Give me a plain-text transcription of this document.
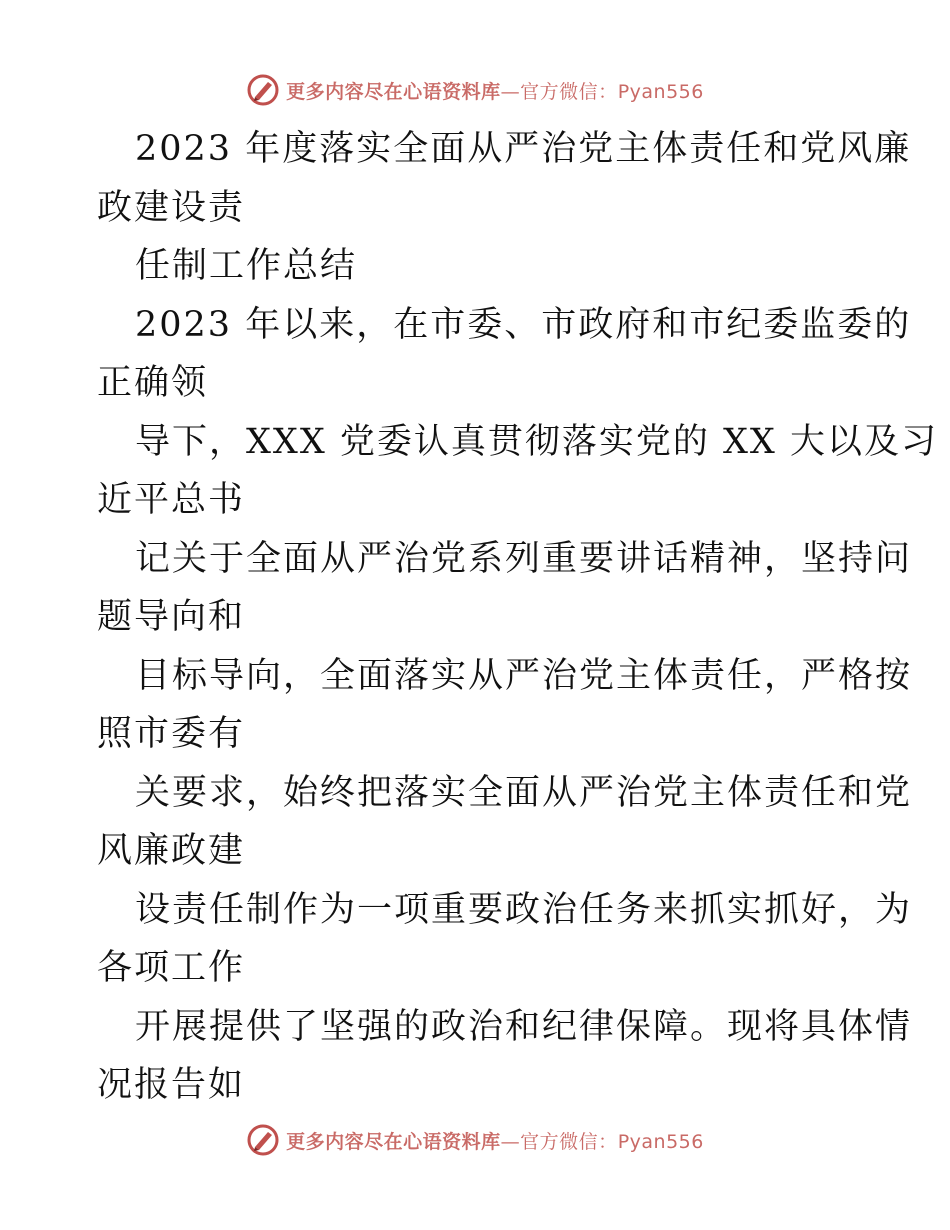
更多内容尽在心语资料库—官方微信：Pyan556
2023 年度落实全面从严治党主体责任和党风廉
政建设责
任制工作总结
2023 年以来，在市委、市政府和市纪委监委的
正确领
导下，XXX 党委认真贯彻落实党的 XX 大以及习
近平总书
记关于全面从严治党系列重要讲话精神，坚持问
题导向和
目标导向，全面落实从严治党主体责任，严格按
照市委有
关要求，始终把落实全面从严治党主体责任和党
风廉政建
设责任制作为一项重要政治任务来抓实抓好，为
各项工作
开展提供了坚强的政治和纪律保障。现将具体情
况报告如
更多内容尽在心语资料库—官方微信：Pyan556
